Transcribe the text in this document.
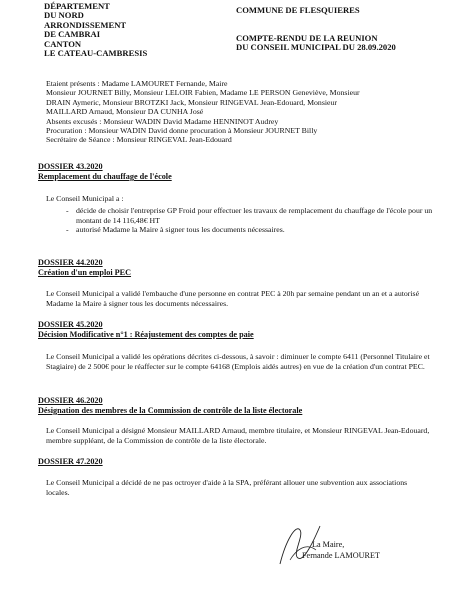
DÉPARTEMENT
DU NORD
ARRONDISSEMENT
DE CAMBRAI
CANTON
LE CATEAU-CAMBRESIS
COMMUNE DE FLESQUIERES
COMPTE-RENDU DE LA REUNION
DU CONSEIL MUNICIPAL DU 28.09.2020
Etaient présents : Madame LAMOURET Fernande, Maire
Monsieur JOURNET Billy, Monsieur LELOIR Fabien, Madame LE PERSON Geneviève, Monsieur
DRAIN Aymeric, Monsieur BROTZKI Jack, Monsieur RINGEVAL Jean-Edouard, Monsieur
MAILLARD Arnaud, Monsieur DA CUNHA José
Absents excusés : Monsieur WADIN David Madame HENNINOT Audrey
Procuration : Monsieur WADIN David donne procuration à Monsieur JOURNET Billy
Secrétaire de Séance : Monsieur RINGEVAL Jean-Edouard
DOSSIER 43.2020
Remplacement du chauffage de l'école
Le Conseil Municipal a :
- décide de choisir l'entreprise GP Froid pour effectuer les travaux de remplacement du chauffage de l'école pour un montant de 14 116,48€ HT
- autorisé Madame la Maire à signer tous les documents nécessaires.
DOSSIER 44.2020
Création d'un emploi PEC
Le Conseil Municipal a validé l'embauche d'une personne en contrat PEC à 20h par semaine pendant un an et a autorisé Madame la Maire à signer tous les documents nécessaires.
DOSSIER 45.2020
Décision Modificative n°1 : Réajustement des comptes de paie
Le Conseil Municipal a validé les opérations décrites ci-dessous, à savoir : diminuer le compte 6411 (Personnel Titulaire et Stagiaire) de 2 500€ pour le réaffecter sur le compte 64168 (Emplois aidés autres) en vue de la création d'un contrat PEC.
DOSSIER 46.2020
Désignation des membres de la Commission de contrôle de la liste électorale
Le Conseil Municipal a désigné Monsieur MAILLARD Arnaud, membre titulaire, et Monsieur RINGEVAL Jean-Edouard, membre suppléant, de la Commission de contrôle de la liste électorale.
DOSSIER 47.2020
Le Conseil Municipal a décidé de ne pas octroyer d'aide à la SPA, préférant allouer une subvention aux associations locales.
La Maire,
Fernande LAMOURET
